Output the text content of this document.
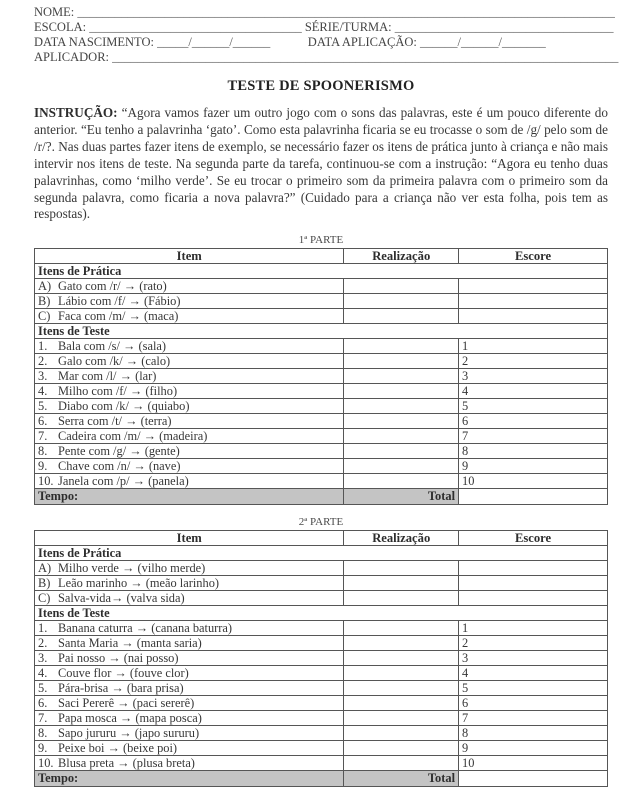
NOME: ______________________________________________________________________________________
ESCOLA: __________________________________ SÉRIE/TURMA: ___________________________________
DATA NASCIMENTO: _____/______/______            DATA APLICAÇÃO: ______/______/_______
APLICADOR: _________________________________________________________________________________
TESTE DE SPOONERISMO

INSTRUÇÃO: “Agora vamos fazer um outro jogo com o sons das palavras, este é um pouco diferente do anterior. “Eu tenho a palavrinha ‘gato’. Como esta palavrinha ficaria se eu trocasse o som de /g/ pelo som de /r/?. Nas duas partes fazer itens de exemplo, se necessário fazer os itens de prática junto à criança e não mais intervir nos itens de teste. Na segunda parte da tarefa, continuou-se com a instrução: “Agora eu tenho duas palavrinhas, como ‘milho verde’. Se eu trocar o primeiro som da primeira palavra com o primeiro som da segunda palavra, como ficaria a nova palavra?” (Cuidado para a criança não ver esta folha, pois tem as respostas).

1ª PARTE
Item	Realização	Escore
Itens de Prática		
A) Gato com /r/ → (rato)		
B) Lábio com /f/ → (Fábio)		
C) Faca com /m/ → (maca)		
Itens de Teste		
1. Bala com /s/ → (sala)		1
2. Galo com /k/ → (calo)		2
3. Mar com /l/ → (lar)		3
4. Milho com /f/ → (filho)		4
5. Diabo com /k/ → (quiabo)		5
6. Serra com /t/ → (terra)		6
7. Cadeira com /m/ → (madeira)		7
8. Pente com /g/ → (gente)		8
9. Chave com /n/ → (nave)		9
10. Janela com /p/ → (panela)		10
Tempo:	Total	
2ª PARTE
Item	Realização	Escore
Itens de Prática		
A) Milho verde → (vilho merde)		
B) Leão marinho → (meão larinho)		
C) Salva-vida→ (valva sida)		
Itens de Teste		
1. Banana caturra → (canana baturra)		1
2. Santa Maria → (manta saria)		2
3. Pai nosso → (nai posso)		3
4. Couve flor → (fouve clor)		4
5. Pára-brisa → (bara prisa)		5
6. Saci Pererê → (paci sererê)		6
7. Papa mosca → (mapa posca)		7
8. Sapo jururu → (japo sururu)		8
9. Peixe boi → (beixe poi)		9
10. Blusa preta → (plusa breta)		10
Tempo:	Total	
